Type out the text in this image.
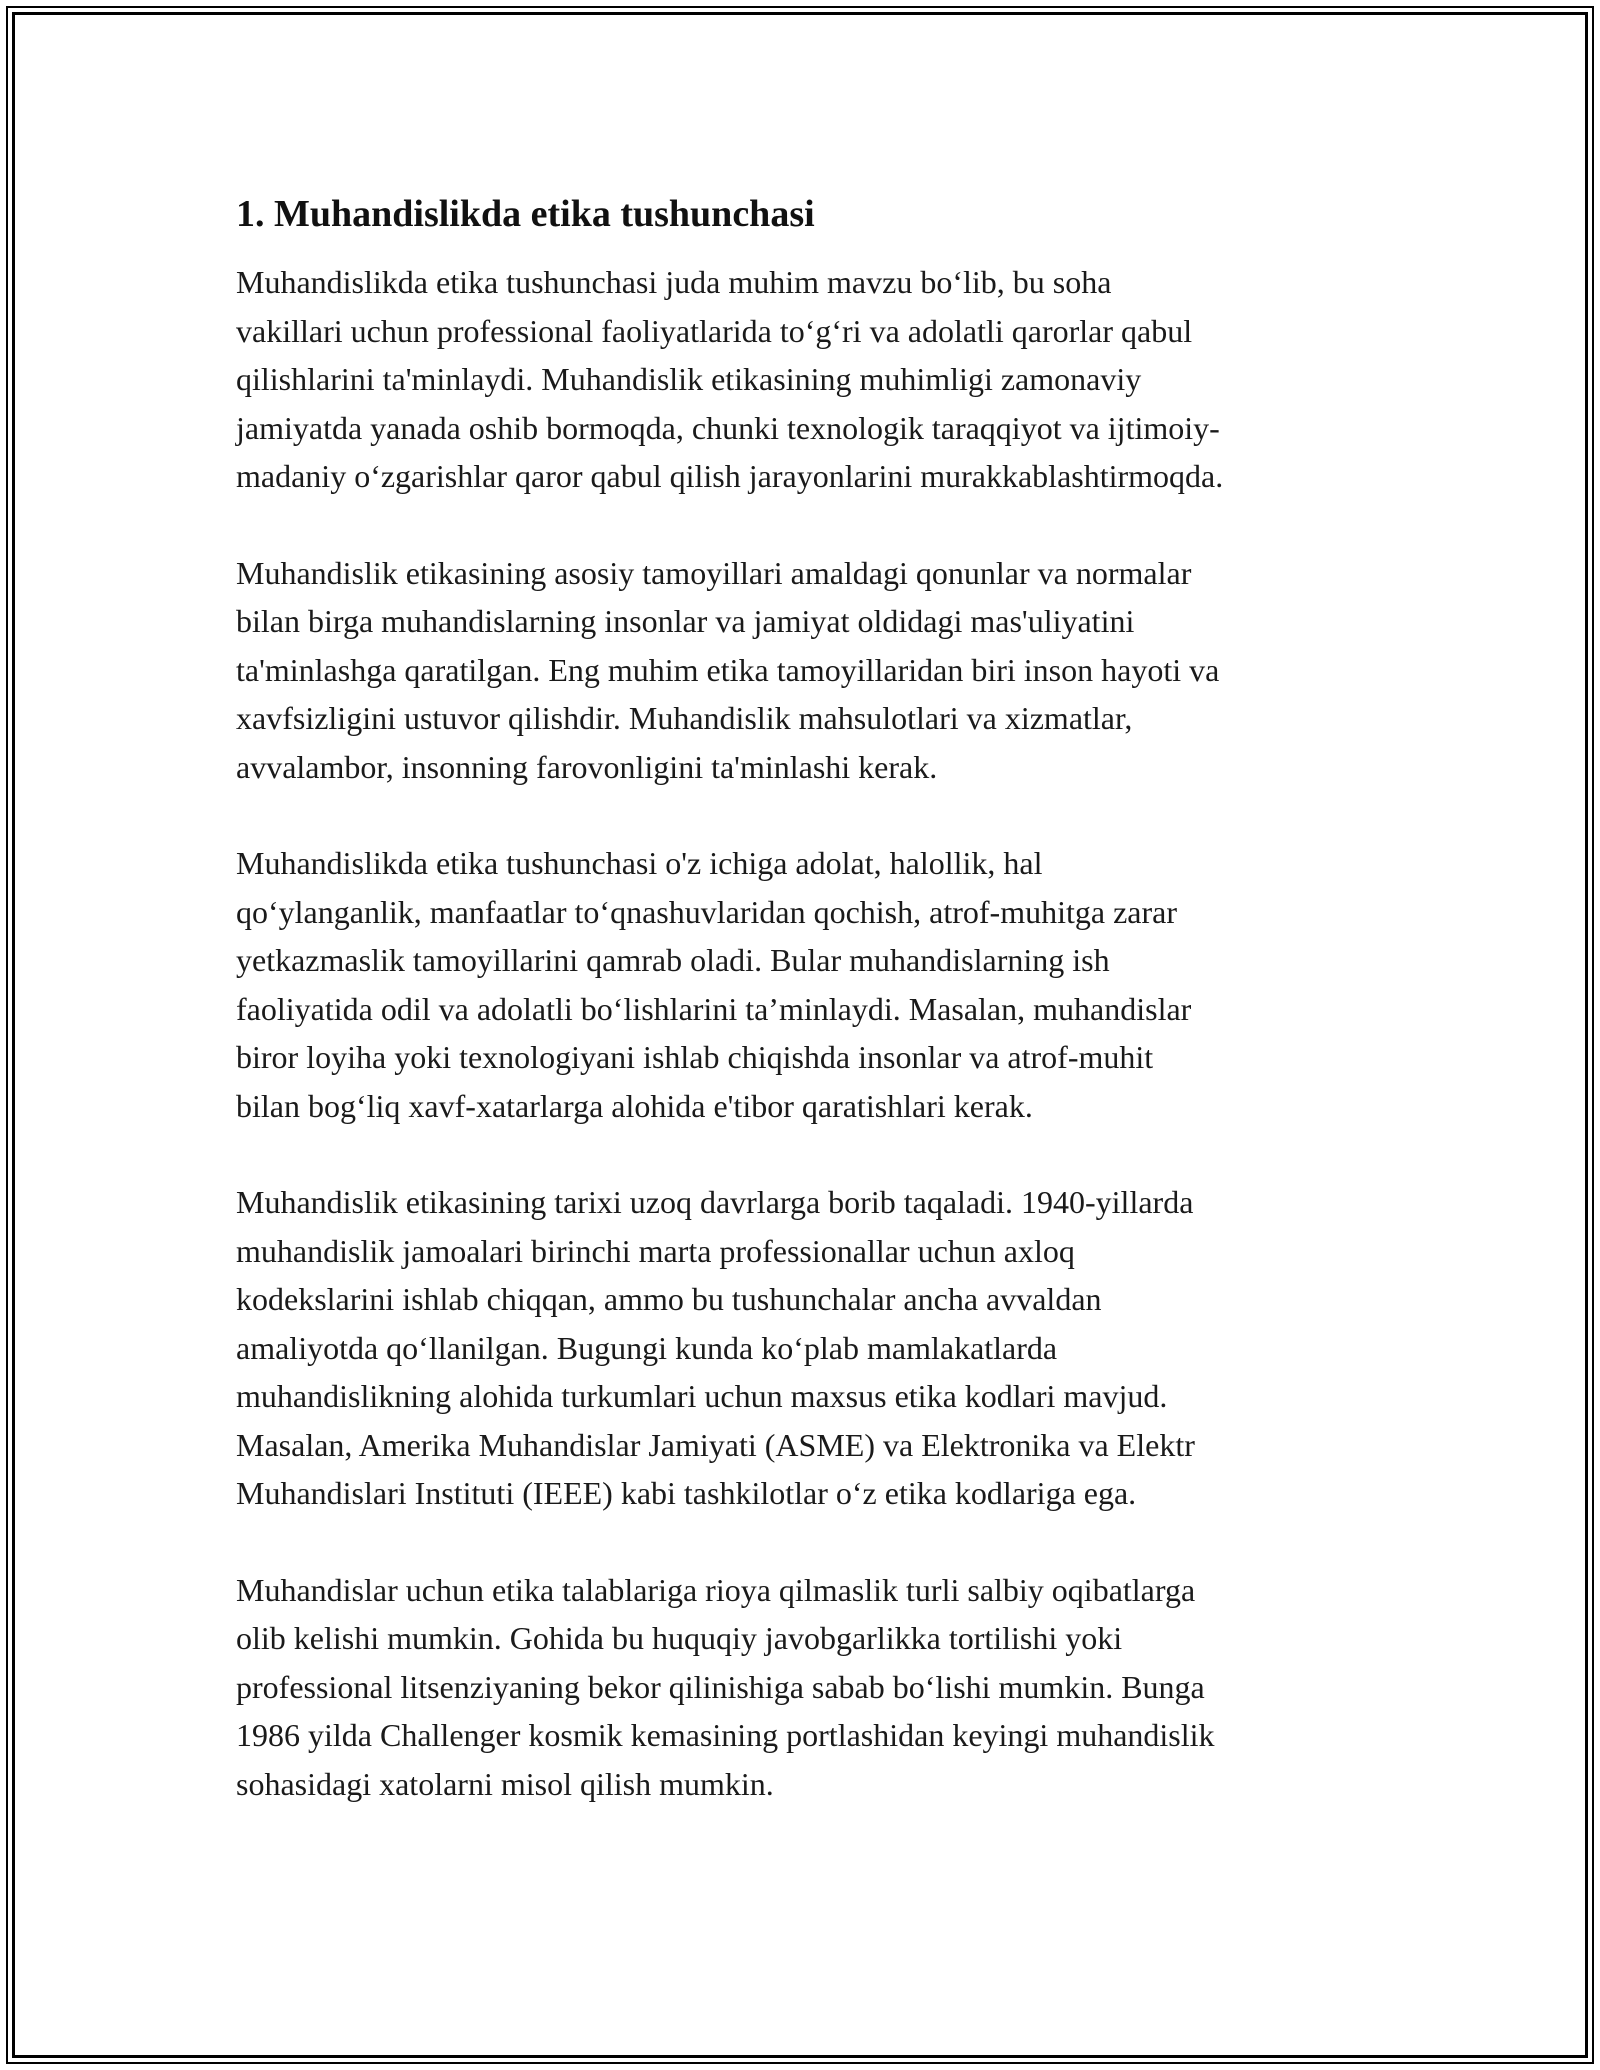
1. Muhandislikda etika tushunchasi

Muhandislikda etika tushunchasi juda muhim mavzu bo‘lib, bu soha
vakillari uchun professional faoliyatlarida to‘g‘ri va adolatli qarorlar qabul
qilishlarini ta'minlaydi. Muhandislik etikasining muhimligi zamonaviy
jamiyatda yanada oshib bormoqda, chunki texnologik taraqqiyot va ijtimoiy-
madaniy o‘zgarishlar qaror qabul qilish jarayonlarini murakkablashtirmoqda.

Muhandislik etikasining asosiy tamoyillari amaldagi qonunlar va normalar
bilan birga muhandislarning insonlar va jamiyat oldidagi mas'uliyatini
ta'minlashga qaratilgan. Eng muhim etika tamoyillaridan biri inson hayoti va
xavfsizligini ustuvor qilishdir. Muhandislik mahsulotlari va xizmatlar,
avvalambor, insonning farovonligini ta'minlashi kerak.

Muhandislikda etika tushunchasi o'z ichiga adolat, halollik, hal
qo‘ylanganlik, manfaatlar to‘qnashuvlaridan qochish, atrof-muhitga zarar
yetkazmaslik tamoyillarini qamrab oladi. Bular muhandislarning ish
faoliyatida odil va adolatli bo‘lishlarini ta’minlaydi. Masalan, muhandislar
biror loyiha yoki texnologiyani ishlab chiqishda insonlar va atrof-muhit
bilan bog‘liq xavf-xatarlarga alohida e'tibor qaratishlari kerak.

Muhandislik etikasining tarixi uzoq davrlarga borib taqaladi. 1940-yillarda
muhandislik jamoalari birinchi marta professionallar uchun axloq
kodekslarini ishlab chiqqan, ammo bu tushunchalar ancha avvaldan
amaliyotda qo‘llanilgan. Bugungi kunda ko‘plab mamlakatlarda
muhandislikning alohida turkumlari uchun maxsus etika kodlari mavjud.
Masalan, Amerika Muhandislar Jamiyati (ASME) va Elektronika va Elektr
Muhandislari Instituti (IEEE) kabi tashkilotlar o‘z etika kodlariga ega.

Muhandislar uchun etika talablariga rioya qilmaslik turli salbiy oqibatlarga
olib kelishi mumkin. Gohida bu huquqiy javobgarlikka tortilishi yoki
professional litsenziyaning bekor qilinishiga sabab bo‘lishi mumkin. Bunga
1986 yilda Challenger kosmik kemasining portlashidan keyingi muhandislik
sohasidagi xatolarni misol qilish mumkin.
